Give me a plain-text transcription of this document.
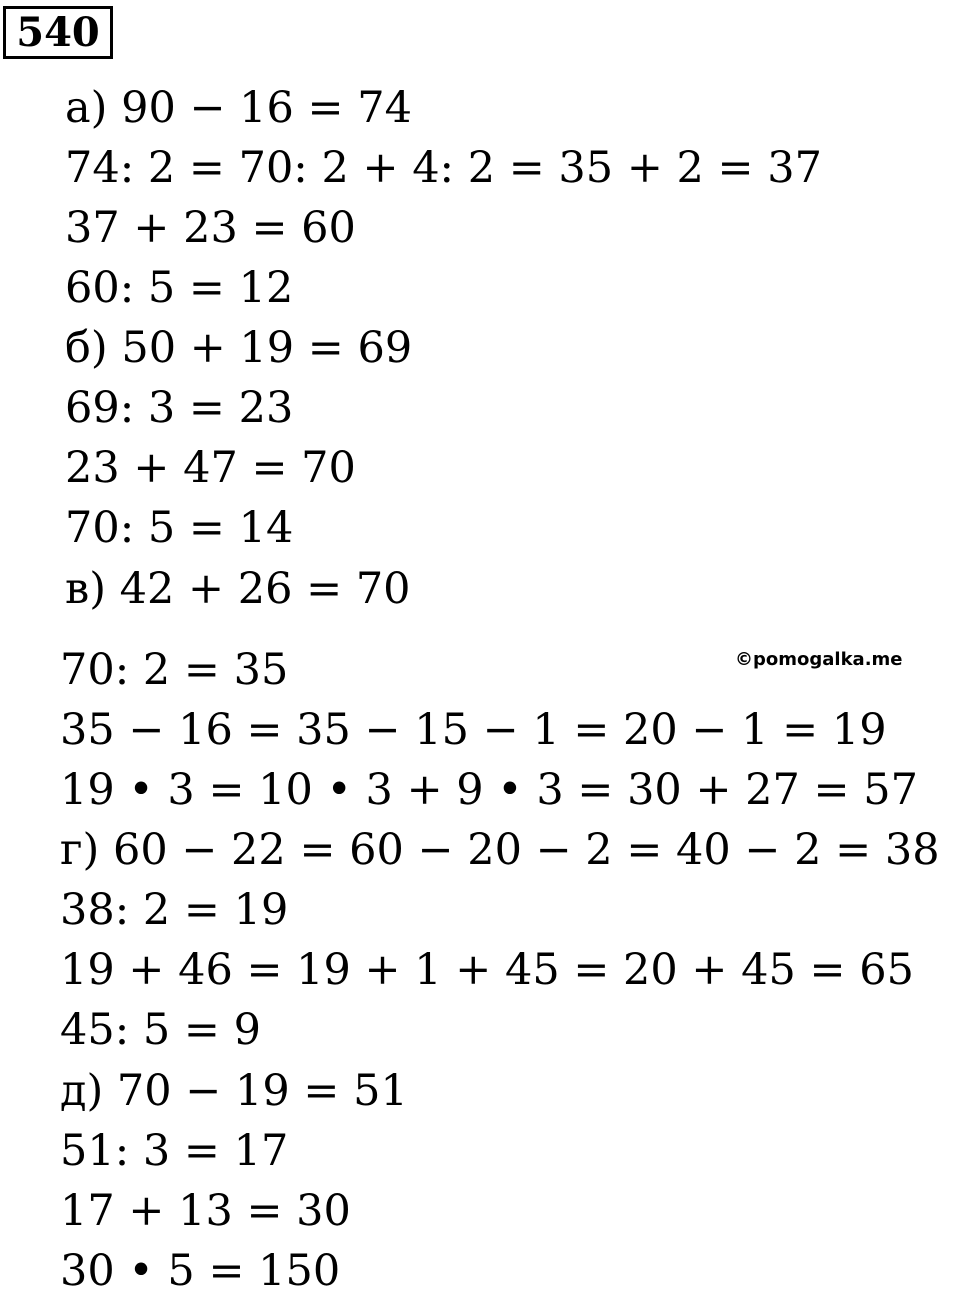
540
а) 90 − 16 = 74
74: 2 = 70: 2 + 4: 2 = 35 + 2 = 37
37 + 23 = 60
60: 5 = 12
б) 50 + 19 = 69
69: 3 = 23
23 + 47 = 70
70: 5 = 14
в) 42 + 26 = 70
©pomogalka.me
70: 2 = 35
35 − 16 = 35 − 15 − 1 = 20 − 1 = 19
19 • 3 = 10 • 3 + 9 • 3 = 30 + 27 = 57
г) 60 − 22 = 60 − 20 − 2 = 40 − 2 = 38
38: 2 = 19
19 + 46 = 19 + 1 + 45 = 20 + 45 = 65
45: 5 = 9
д) 70 − 19 = 51
51: 3 = 17
17 + 13 = 30
30 • 5 = 150
